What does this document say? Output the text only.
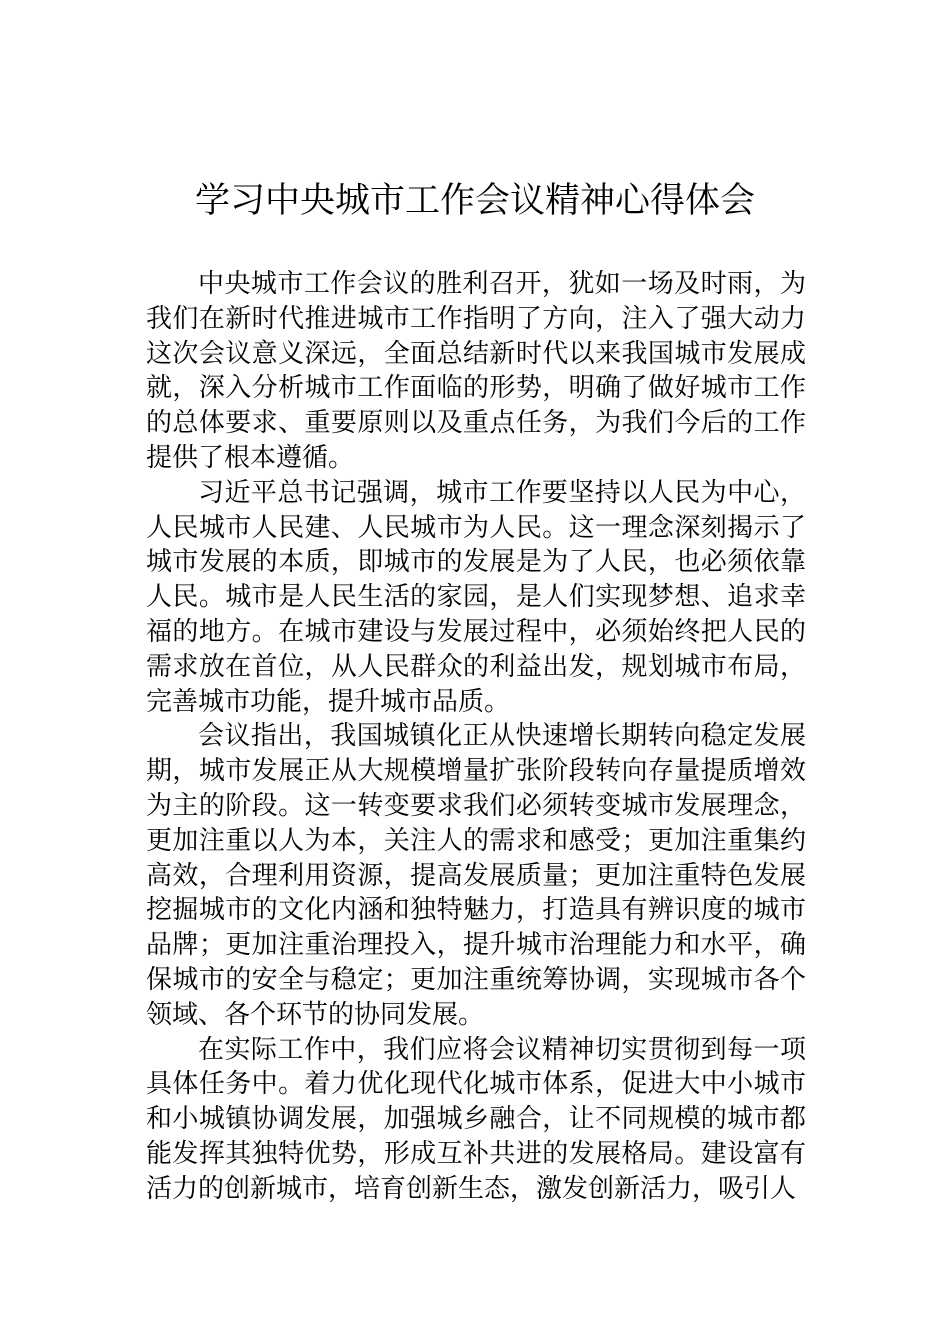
学习中央城市工作会议精神心得体会

中央城市工作会议的胜利召开，犹如一场及时雨，为我们在新时代推进城市工作指明了方向，注入了强大动力这次会议意义深远，全面总结新时代以来我国城市发展成就，深入分析城市工作面临的形势，明确了做好城市工作的总体要求、重要原则以及重点任务，为我们今后的工作提供了根本遵循。

习近平总书记强调，城市工作要坚持以人民为中心，人民城市人民建、人民城市为人民。这一理念深刻揭示了城市发展的本质，即城市的发展是为了人民，也必须依靠人民。城市是人民生活的家园，是人们实现梦想、追求幸福的地方。在城市建设与发展过程中，必须始终把人民的需求放在首位，从人民群众的利益出发，规划城市布局，完善城市功能，提升城市品质。

会议指出，我国城镇化正从快速增长期转向稳定发展期，城市发展正从大规模增量扩张阶段转向存量提质增效为主的阶段。这一转变要求我们必须转变城市发展理念，更加注重以人为本，关注人的需求和感受；更加注重集约高效，合理利用资源，提高发展质量；更加注重特色发展挖掘城市的文化内涵和独特魅力，打造具有辨识度的城市品牌；更加注重治理投入，提升城市治理能力和水平，确保城市的安全与稳定；更加注重统筹协调，实现城市各个领域、各个环节的协同发展。

在实际工作中，我们应将会议精神切实贯彻到每一项具体任务中。着力优化现代化城市体系，促进大中小城市和小城镇协调发展，加强城乡融合，让不同规模的城市都能发挥其独特优势，形成互补共进的发展格局。建设富有活力的创新城市，培育创新生态，激发创新活力，吸引人
